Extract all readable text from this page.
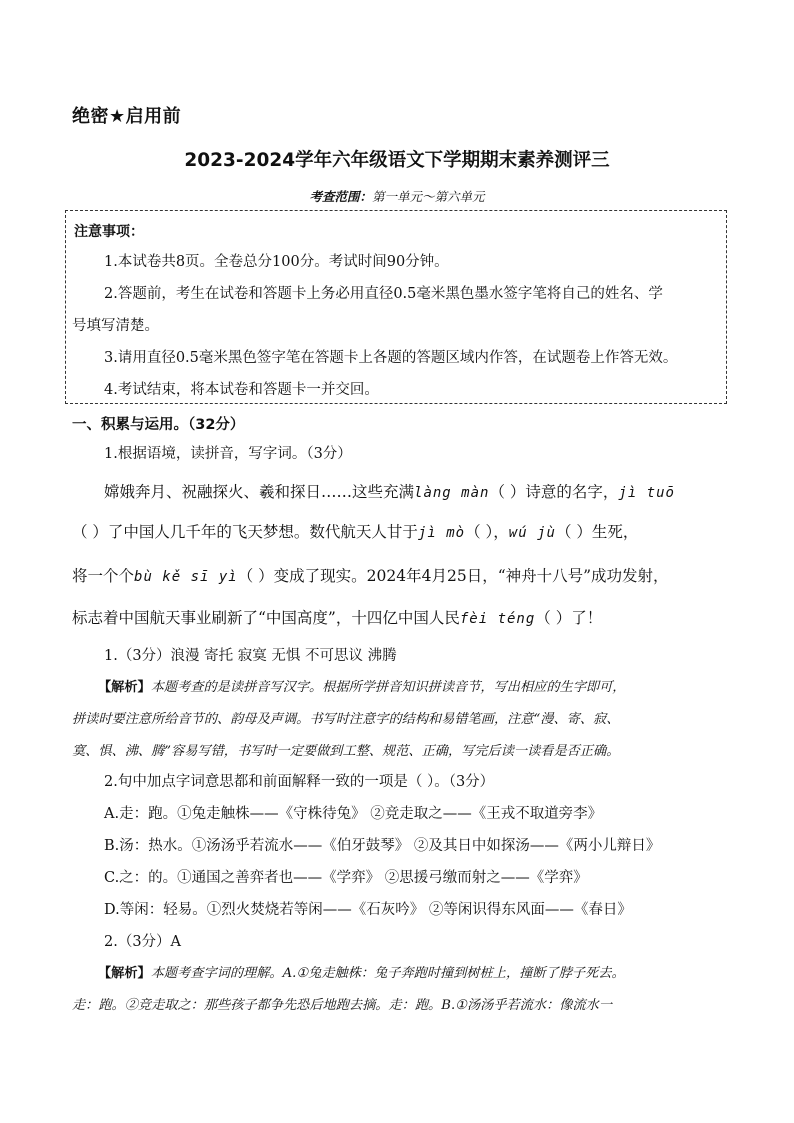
绝密★启用前
2023-2024学年六年级语文下学期期末素养测评三
考查范围：第一单元～第六单元
注意事项：
1.本试卷共8页。全卷总分100分。考试时间90分钟。
2.答题前，考生在试卷和答题卡上务必用直径0.5毫米黑色墨水签字笔将自己的姓名、学
号填写清楚。
3.请用直径0.5毫米黑色签字笔在答题卡上各题的答题区域内作答，在试题卷上作答无效。
4.考试结束，将本试卷和答题卡一并交回。
一、积累与运用。（32分）
1.根据语境，读拼音，写字词。（3分）
嫦娥奔月、祝融探火、羲和探日……这些充满làng màn（ ）诗意的名字，jì tuō
（ ）了中国人几千年的飞天梦想。数代航天人甘于jì mò（ ），wú jù（ ）生死，
将一个个bù kě sī yì（ ）变成了现实。2024年4月25日，“神舟十八号”成功发射，
标志着中国航天事业刷新了“中国高度”，十四亿中国人民fèi téng（ ）了！
1.（3分）浪漫 寄托 寂寞 无惧 不可思议 沸腾
【解析】本题考查的是读拼音写汉字。根据所学拼音知识拼读音节，写出相应的生字即可，
拼读时要注意所给音节的、韵母及声调。书写时注意字的结构和易错笔画，注意“漫、寄、寂、
寞、惧、沸、腾”容易写错，书写时一定要做到工整、规范、正确，写完后读一读看是否正确。
2.句中加点字词意思都和前面解释一致的一项是（ ）。（3分）
A.走：跑。①兔走触株——《守株待兔》 ②竞走取之——《王戎不取道旁李》
B.汤：热水。①汤汤乎若流水——《伯牙鼓琴》 ②及其日中如探汤——《两小儿辩日》
C.之：的。①通国之善弈者也——《学弈》 ②思援弓缴而射之——《学弈》
D.等闲：轻易。①烈火焚烧若等闲——《石灰吟》 ②等闲识得东风面——《春日》
2.（3分）A
【解析】本题考查字词的理解。A.①兔走触株：兔子奔跑时撞到树桩上，撞断了脖子死去。
走：跑。②竞走取之：那些孩子都争先恐后地跑去摘。走：跑。B.①汤汤乎若流水：像流水一
